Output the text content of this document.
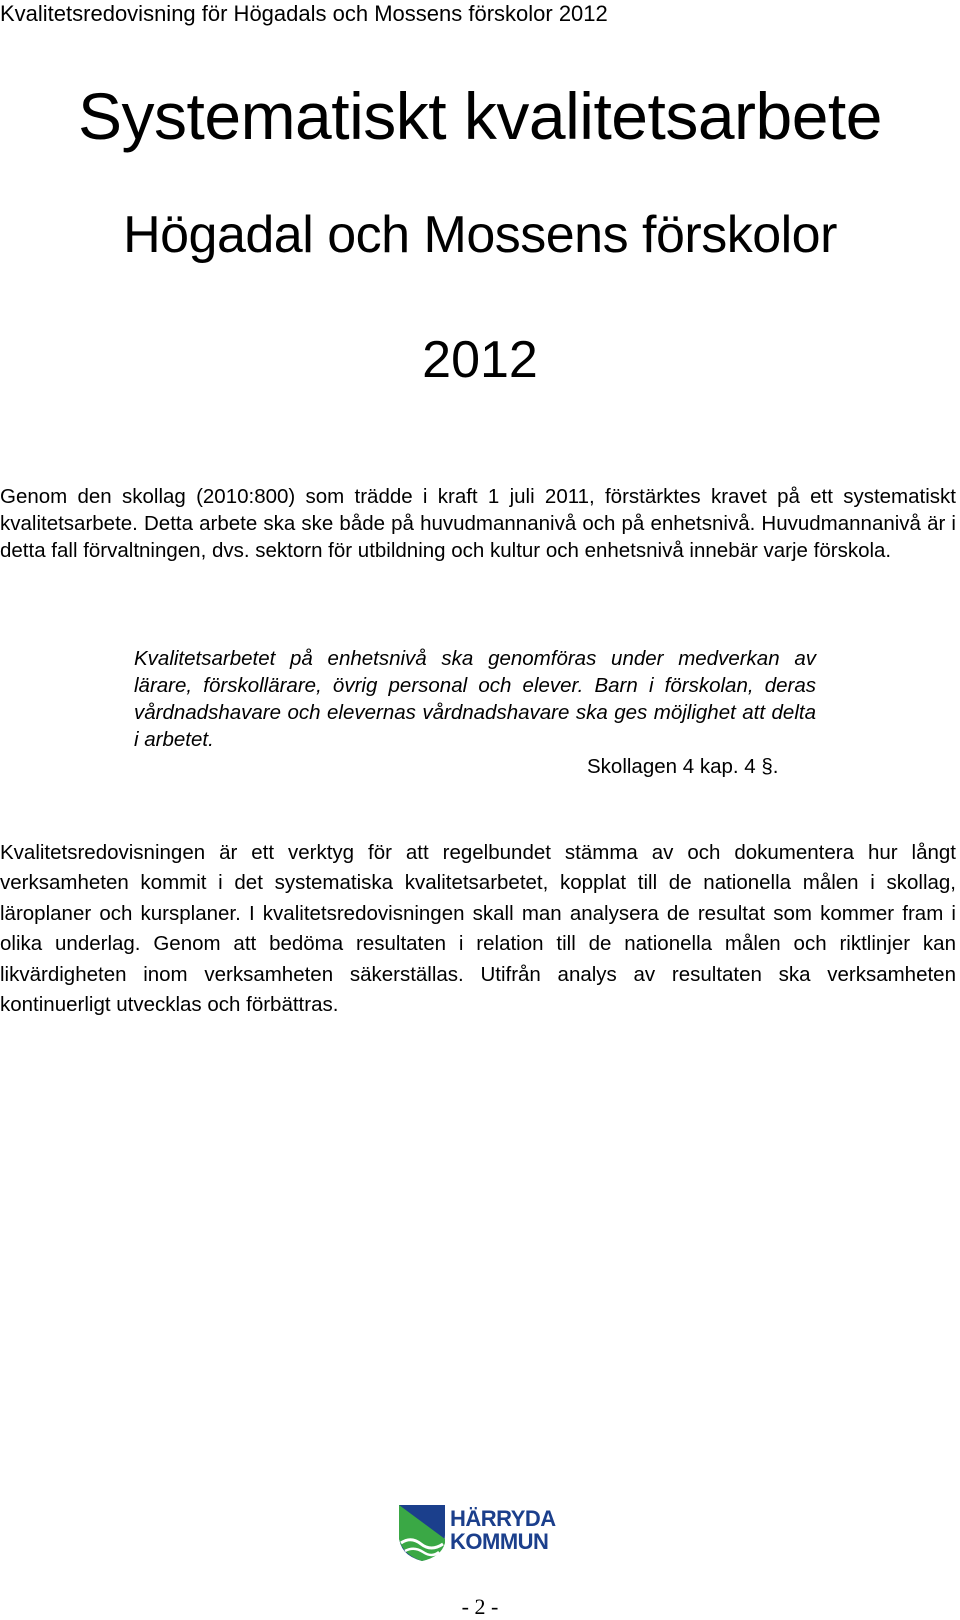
Kvalitetsredovisning för Högadals och Mossens förskolor 2012

Systematiskt kvalitetsarbete
Högadal och Mossens förskolor

2012

Genom den skollag (2010:800) som trädde i kraft 1 juli 2011, förstärktes kravet på ett systematiskt kvalitetsarbete. Detta arbete ska ske både på huvudmannanivå och på enhetsnivå. Huvudmannanivå är i detta fall förvaltningen, dvs. sektorn för utbildning och kultur och enhetsnivå innebär varje förskola.

Kvalitetsarbetet på enhetsnivå ska genomföras under medverkan av lärare, förskollärare, övrig personal och elever. Barn i förskolan, deras vårdnadshavare och elevernas vårdnadshavare ska ges möjlighet att delta i arbetet.

Skollagen 4 kap. 4 §.

Kvalitetsredovisningen är ett verktyg för att regelbundet stämma av och dokumentera hur långt verksamheten kommit i det systematiska kvalitetsarbetet, kopplat till de nationella målen i skollag, läroplaner och kursplaner. I kvalitetsredovisningen skall man analysera de resultat som kommer fram i olika underlag. Genom att bedöma resultaten i relation till de nationella målen och riktlinjer kan likvärdigheten inom verksamheten säkerställas. Utifrån analys av resultaten ska verksamheten kontinuerligt utvecklas och förbättras.

HÄRRYDA
KOMMUN

- 2 -
